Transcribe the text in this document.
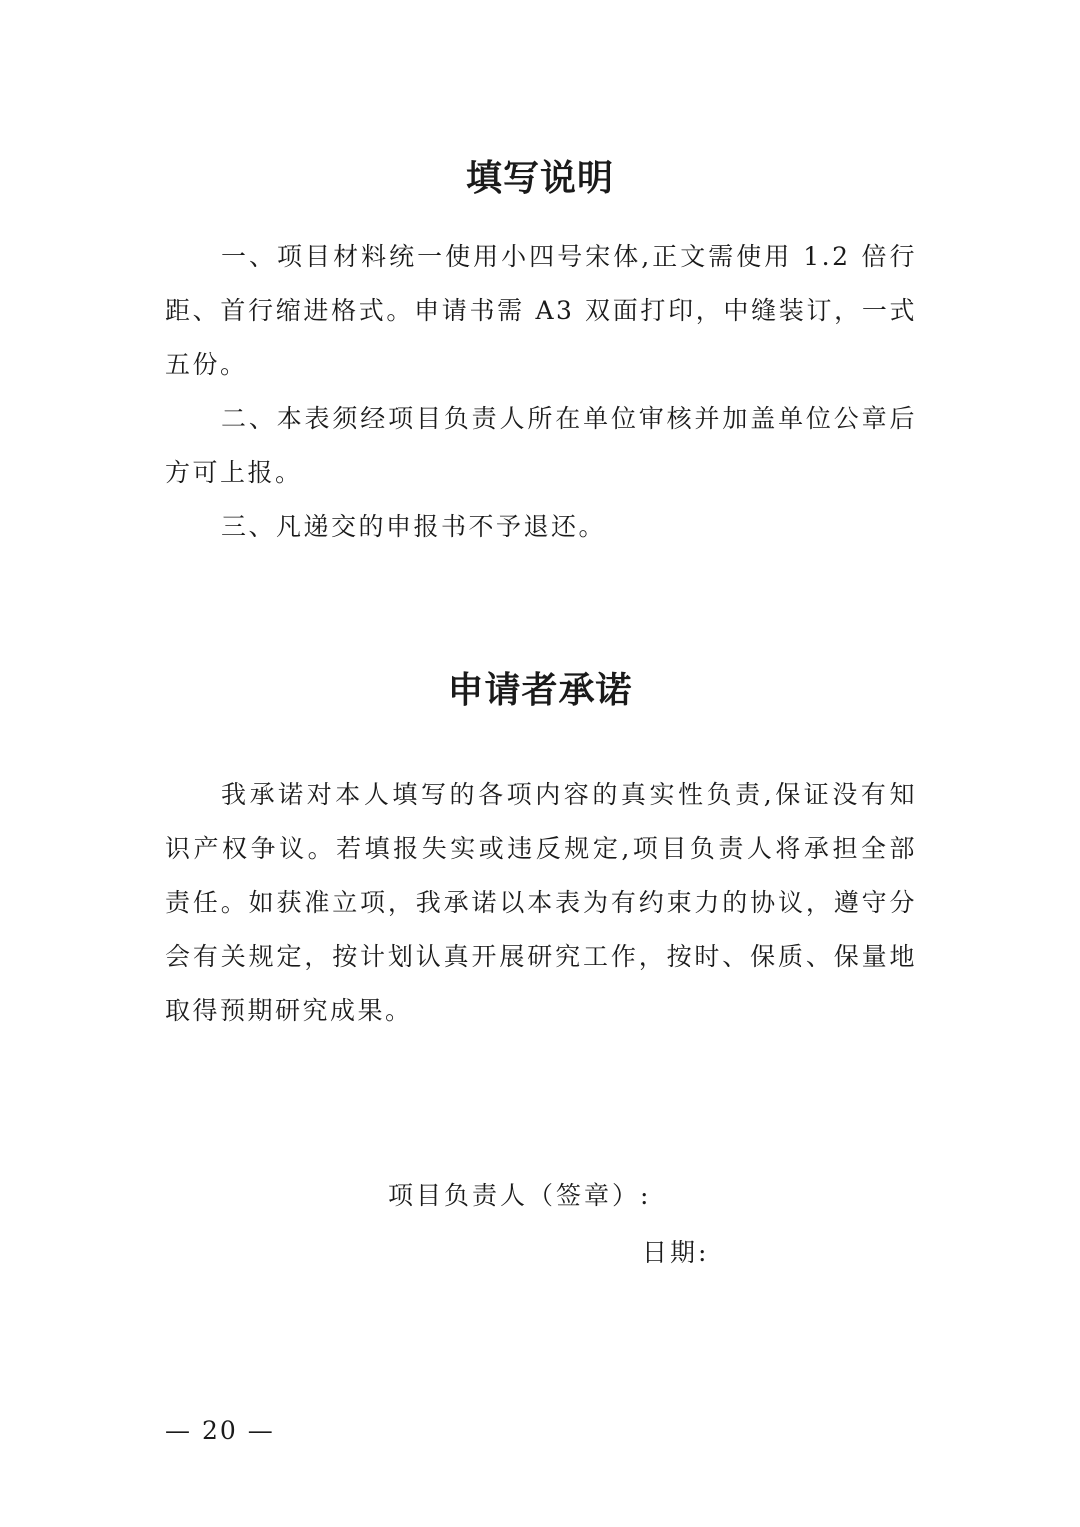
填写说明

一、项目材料统一使用小四号宋体,正文需使用 1.2 倍行距、首行缩进格式。申请书需 A3 双面打印，中缝装订，一式五份。

二、本表须经项目负责人所在单位审核并加盖单位公章后方可上报。

三、凡递交的申报书不予退还。

申请者承诺

我承诺对本人填写的各项内容的真实性负责,保证没有知识产权争议。若填报失实或违反规定,项目负责人将承担全部责任。如获准立项，我承诺以本表为有约束力的协议，遵守分会有关规定，按计划认真开展研究工作，按时、保质、保量地取得预期研究成果。

项目负责人（签章）:

日期:

— 20 —
